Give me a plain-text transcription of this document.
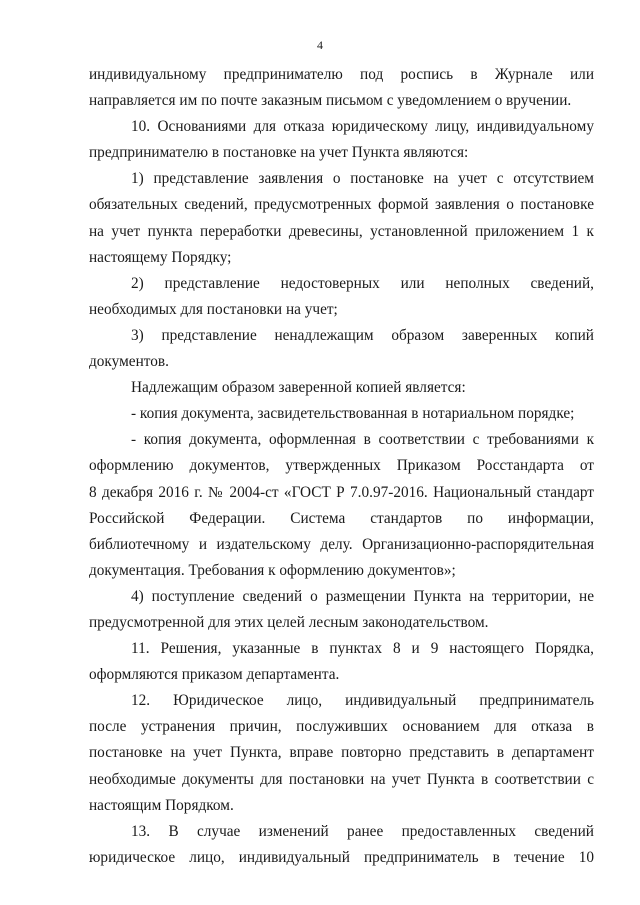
4
индивидуальному предпринимателю под роспись в Журнале или
направляется им по почте заказным письмом с уведомлением о вручении.
10. Основаниями для отказа юридическому лицу, индивидуальному
предпринимателю в постановке на учет Пункта являются:
1) представление заявления о постановке на учет с отсутствием
обязательных сведений, предусмотренных формой заявления о постановке
на учет пункта переработки древесины, установленной приложением 1 к
настоящему Порядку;
2) представление недостоверных или неполных сведений,
необходимых для постановки на учет;
3) представление ненадлежащим образом заверенных копий
документов.
Надлежащим образом заверенной копией является:
- копия документа, засвидетельствованная в нотариальном порядке;
- копия документа, оформленная в соответствии с требованиями к
оформлению документов, утвержденных Приказом Росстандарта от
8 декабря 2016 г. № 2004-ст «ГОСТ Р 7.0.97-2016. Национальный стандарт
Российской Федерации. Система стандартов по информации,
библиотечному и издательскому делу. Организационно-распорядительная
документация. Требования к оформлению документов»;
4) поступление сведений о размещении Пункта на территории, не
предусмотренной для этих целей лесным законодательством.
11. Решения, указанные в пунктах 8 и 9 настоящего Порядка,
оформляются приказом департамента.
12. Юридическое лицо, индивидуальный предприниматель
после устранения причин, послуживших основанием для отказа в
постановке на учет Пункта, вправе повторно представить в департамент
необходимые документы для постановки на учет Пункта в соответствии с
настоящим Порядком.
13. В случае изменений ранее предоставленных сведений
юридическое лицо, индивидуальный предприниматель в течение 10
